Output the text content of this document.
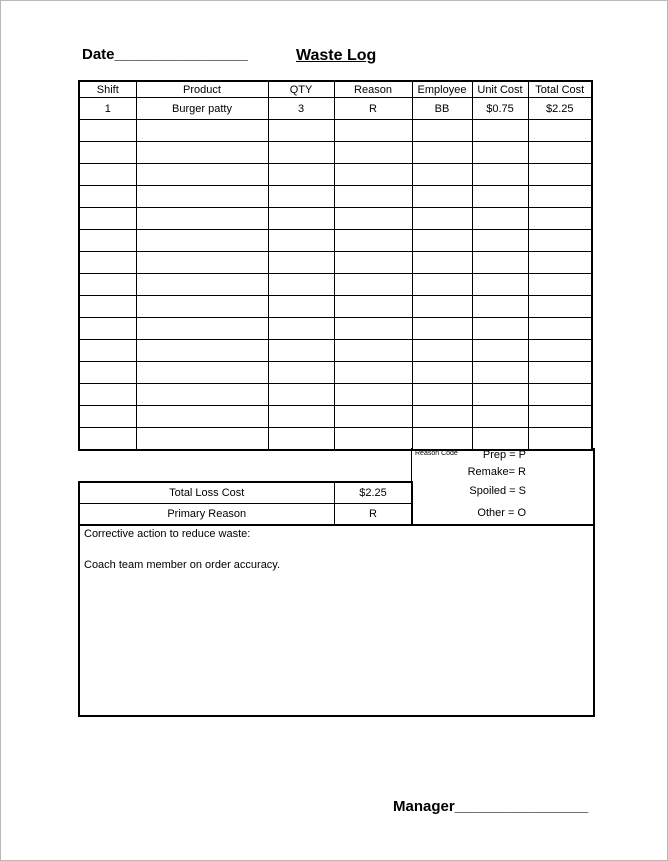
Date________________	Waste Log
Shift	Product	QTY	Reason	Employee	Unit Cost	Total Cost
1	Burger patty	3	R	BB	$0.75	$2.25

Reason Code Prep = P
Remake= R
Spoiled = S
Other = O
Total Loss Cost	$2.25
Primary Reason	R
Corrective action to reduce waste:
Coach team member on order accuracy.
Manager________________
